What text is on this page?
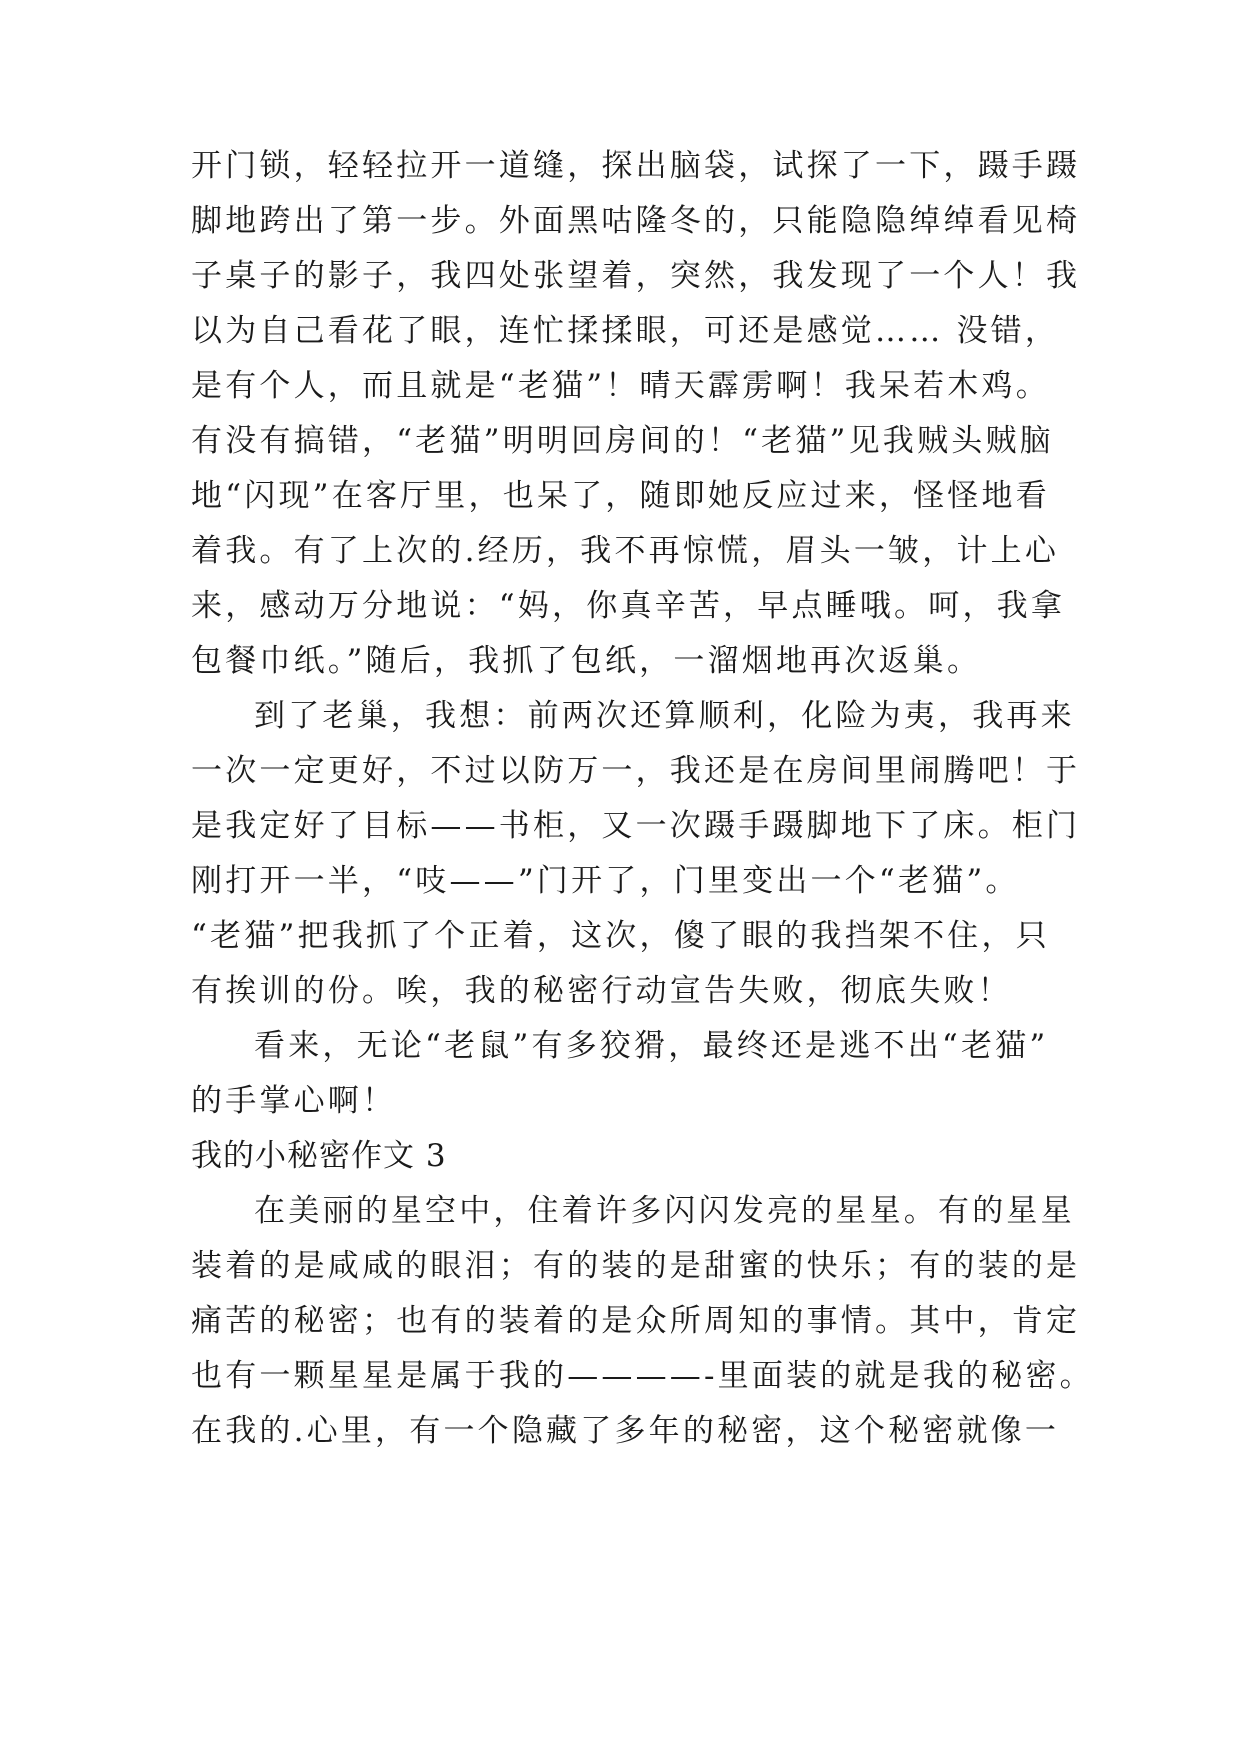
开门锁，轻轻拉开一道缝，探出脑袋，试探了一下，蹑手蹑
脚地跨出了第一步。外面黑咕隆冬的，只能隐隐绰绰看见椅
子桌子的影子，我四处张望着，突然，我发现了一个人！我
以为自己看花了眼，连忙揉揉眼，可还是感觉…… 没错，
是有个人，而且就是“老猫”！晴天霹雳啊！我呆若木鸡。
有没有搞错，“老猫”明明回房间的！“老猫”见我贼头贼脑
地“闪现”在客厅里，也呆了，随即她反应过来，怪怪地看
着我。有了上次的.经历，我不再惊慌，眉头一皱，计上心
来，感动万分地说：“妈，你真辛苦，早点睡哦。呵，我拿
包餐巾纸。”随后，我抓了包纸，一溜烟地再次返巢。
到了老巢，我想：前两次还算顺利，化险为夷，我再来
一次一定更好，不过以防万一，我还是在房间里闹腾吧！于
是我定好了目标——书柜，又一次蹑手蹑脚地下了床。柜门
刚打开一半，“吱——”门开了，门里变出一个“老猫”。
“老猫”把我抓了个正着，这次，傻了眼的我挡架不住，只
有挨训的份。唉，我的秘密行动宣告失败，彻底失败！
看来，无论“老鼠”有多狡猾，最终还是逃不出“老猫”
的手掌心啊！
我的小秘密作文 3
在美丽的星空中，住着许多闪闪发亮的星星。有的星星
装着的是咸咸的眼泪；有的装的是甜蜜的快乐；有的装的是
痛苦的秘密；也有的装着的是众所周知的事情。其中，肯定
也有一颗星星是属于我的————-里面装的就是我的秘密。
在我的.心里，有一个隐藏了多年的秘密，这个秘密就像一
